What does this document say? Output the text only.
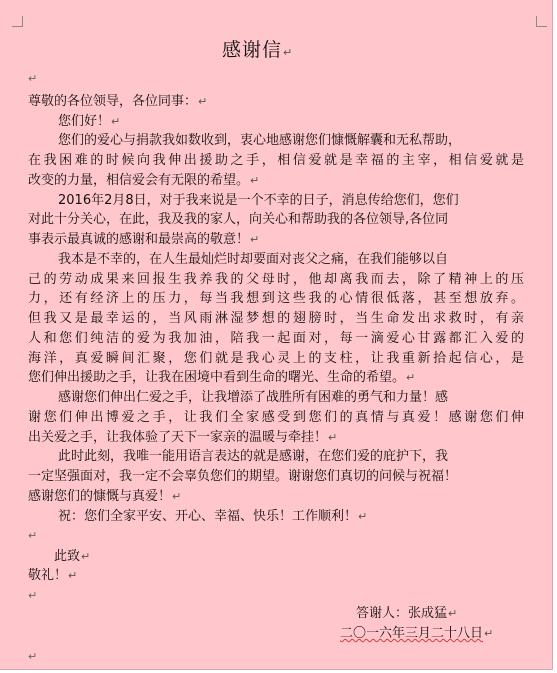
感谢信↵
↵
尊敬的各位领导，各位同事：↵
您们好！↵
您们的爱心与捐款我如数收到，衷心地感谢您们慷慨解囊和无私帮助，
在我困难的时候向我伸出援助之手，相信爱就是幸福的主宰，相信爱就是
改变的力量，相信爱会有无限的希望。↵
2016年2月8日，对于我来说是一个不幸的日子，消息传给您们，您们
对此十分关心，在此，我及我的家人，向关心和帮助我的各位领导,各位同
事表示最真诚的感谢和最崇高的敬意！↵
我本是不幸的，在人生最灿烂时却要面对丧父之痛，在我们能够以自
己的劳动成果来回报生我养我的父母时，他却离我而去，除了精神上的压
力，还有经济上的压力，每当我想到这些我的心情很低落，甚至想放弃。
但我又是最幸运的，当风雨淋湿梦想的翅膀时，当生命发出求救时，有亲
人和您们纯洁的爱为我加油，陪我一起面对，每一滴爱心甘露都汇入爱的
海洋，真爱瞬间汇聚，您们就是我心灵上的支柱，让我重新拾起信心，是
您们伸出援助之手，让我在困境中看到生命的曙光、生命的希望。↵
感谢您们伸出仁爱之手，让我增添了战胜所有困难的勇气和力量！感
谢您们伸出博爱之手，让我们全家感受到您们的真情与真爱！感谢您们伸
出关爱之手，让我体验了天下一家亲的温暖与牵挂！↵
此时此刻，我唯一能用语言表达的就是感谢，在您们爱的庇护下，我
一定坚强面对，我一定不会辜负您们的期望。谢谢您们真切的问候与祝福！
感谢您们的慷慨与真爱！↵
祝：您们全家平安、开心、幸福、快乐！工作顺利！↵
↵
此致↵
敬礼！↵
↵
答谢人：张成猛↵
二〇一六年三月二十八日↵
↵
